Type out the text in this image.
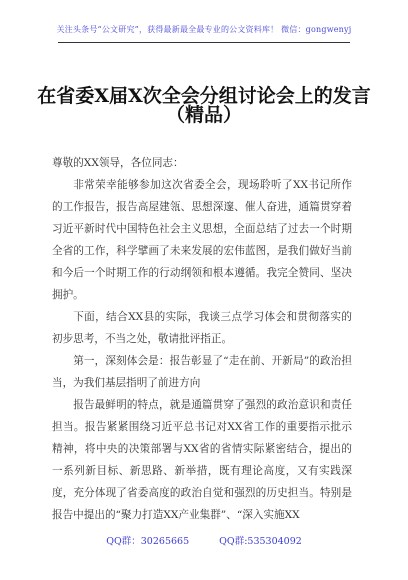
关注头条号“公文研究”，获得最新最全最专业的公文资料库！ 微信：gongwenyj
在省委X届X次全会分组讨论会上的发言
（精品）

尊敬的XX领导，各位同志：

非常荣幸能够参加这次省委全会，现场聆听了XX书记所作的工作报告，报告高屋建瓴、思想深邃、催人奋进，通篇贯穿着习近平新时代中国特色社会主义思想，全面总结了过去一个时期全省的工作，科学擘画了未来发展的宏伟蓝图，是我们做好当前和今后一个时期工作的行动纲领和根本遵循。我完全赞同、坚决拥护。

下面，结合XX县的实际，我谈三点学习体会和贯彻落实的初步思考，不当之处，敬请批评指正。

第一，深刻体会是：报告彰显了“走在前、开新局”的政治担当，为我们基层指明了前进方向

报告最鲜明的特点，就是通篇贯穿了强烈的政治意识和责任担当。报告紧紧围绕习近平总书记对XX省工作的重要指示批示精神，将中央的决策部署与XX省的省情实际紧密结合，提出的一系列新目标、新思路、新举措，既有理论高度，又有实践深度，充分体现了省委高度的政治自觉和强烈的历史担当。特别是报告中提出的“聚力打造XX产业集群”、“深入实施XX

QQ群：30265665	QQ群:535304092
